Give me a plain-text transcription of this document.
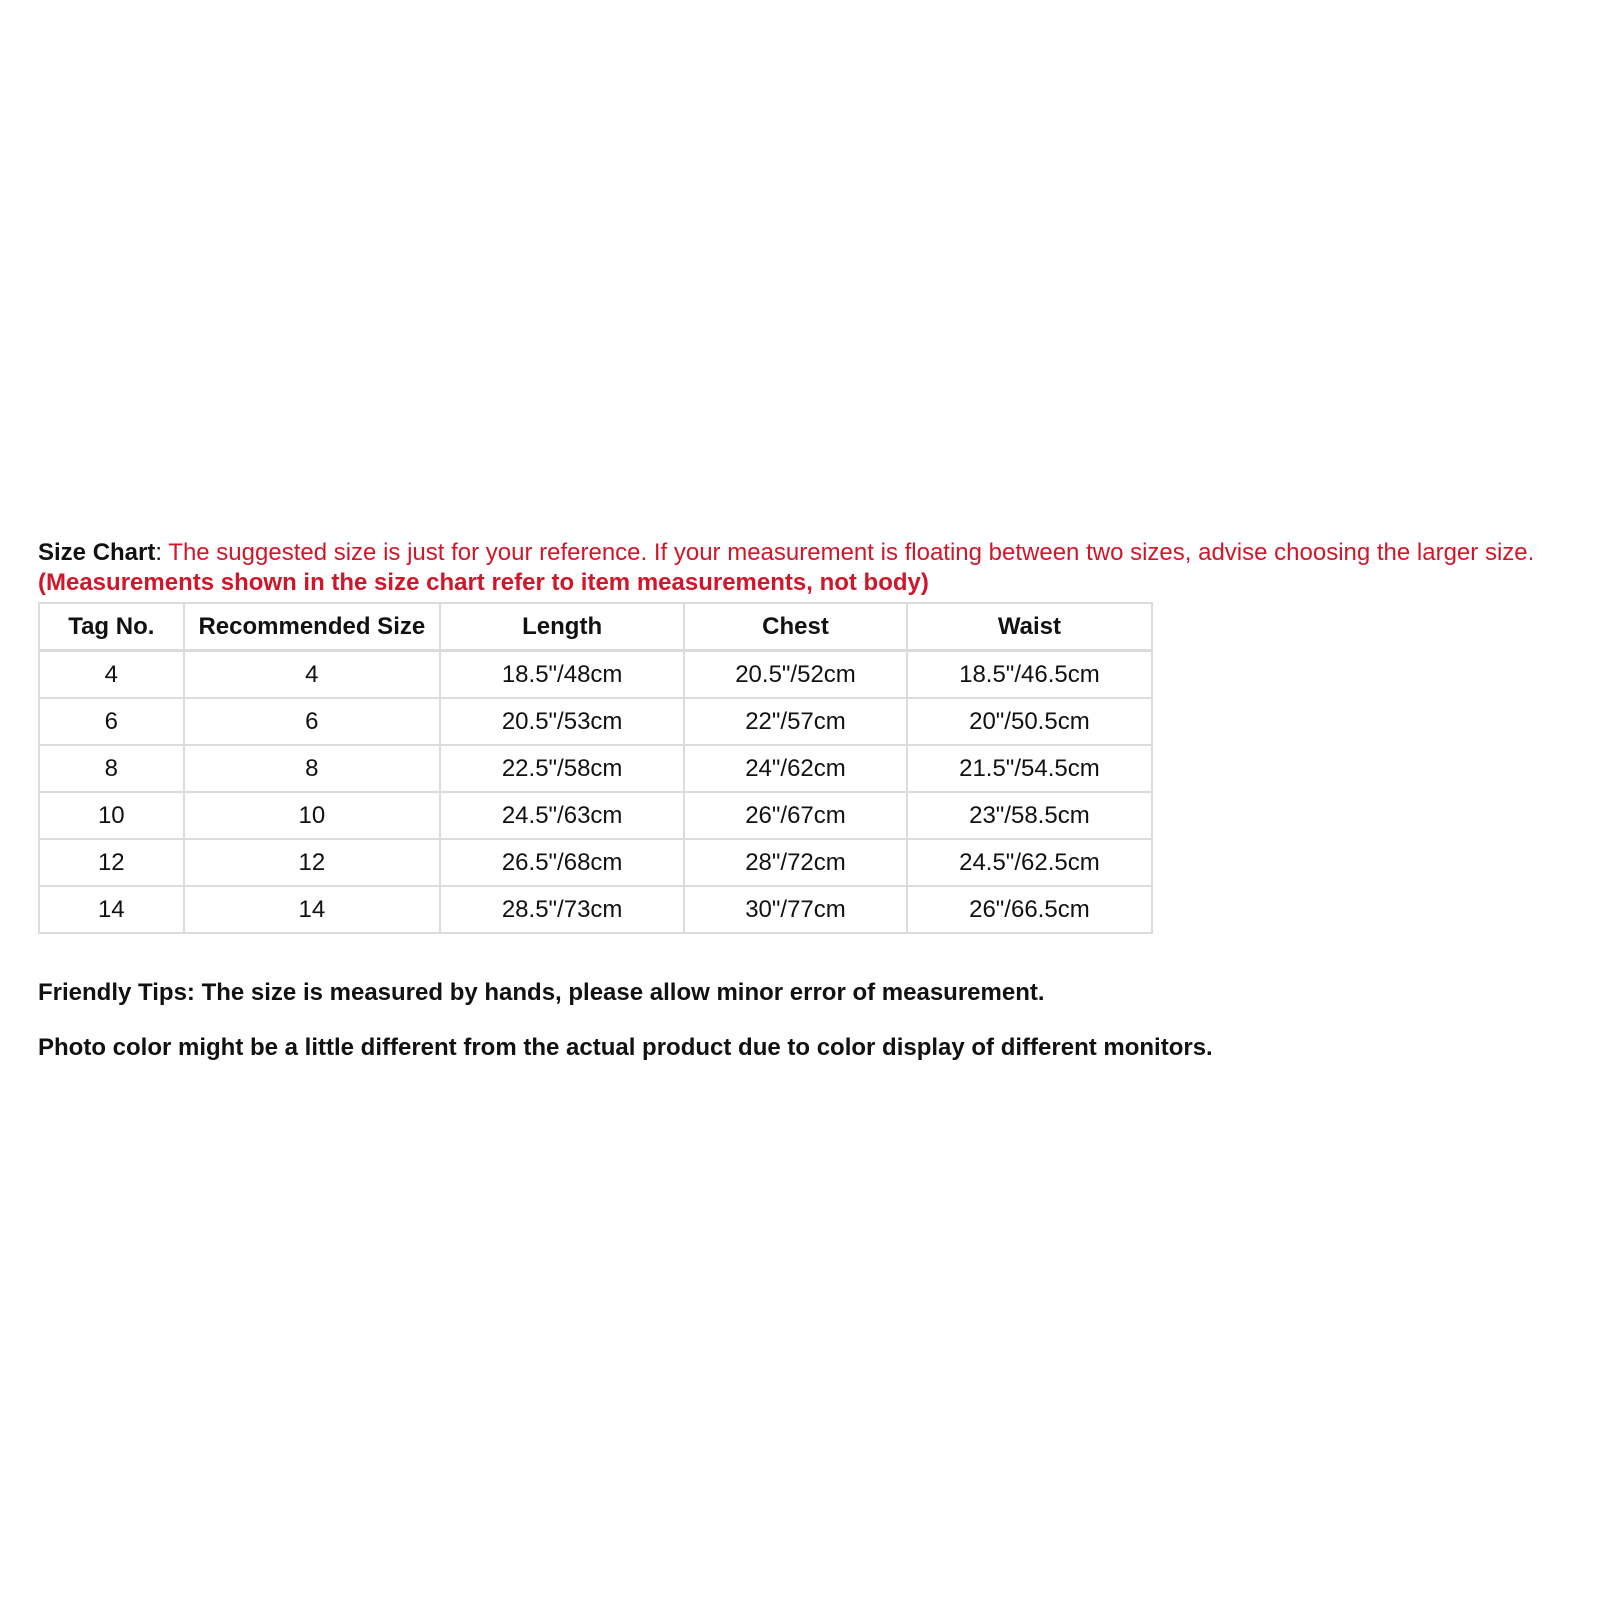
Size Chart: The suggested size is just for your reference. If your measurement is floating between two sizes, advise choosing the larger size. (Measurements shown in the size chart refer to item measurements, not body)

Tag No.	Recommended Size	Length	Chest	Waist
4	4	18.5"/48cm	20.5"/52cm	18.5"/46.5cm
6	6	20.5"/53cm	22"/57cm	20"/50.5cm
8	8	22.5"/58cm	24"/62cm	21.5"/54.5cm
10	10	24.5"/63cm	26"/67cm	23"/58.5cm
12	12	26.5"/68cm	28"/72cm	24.5"/62.5cm
14	14	28.5"/73cm	30"/77cm	26"/66.5cm

Friendly Tips: The size is measured by hands, please allow minor error of measurement.

Photo color might be a little different from the actual product due to color display of different monitors.
